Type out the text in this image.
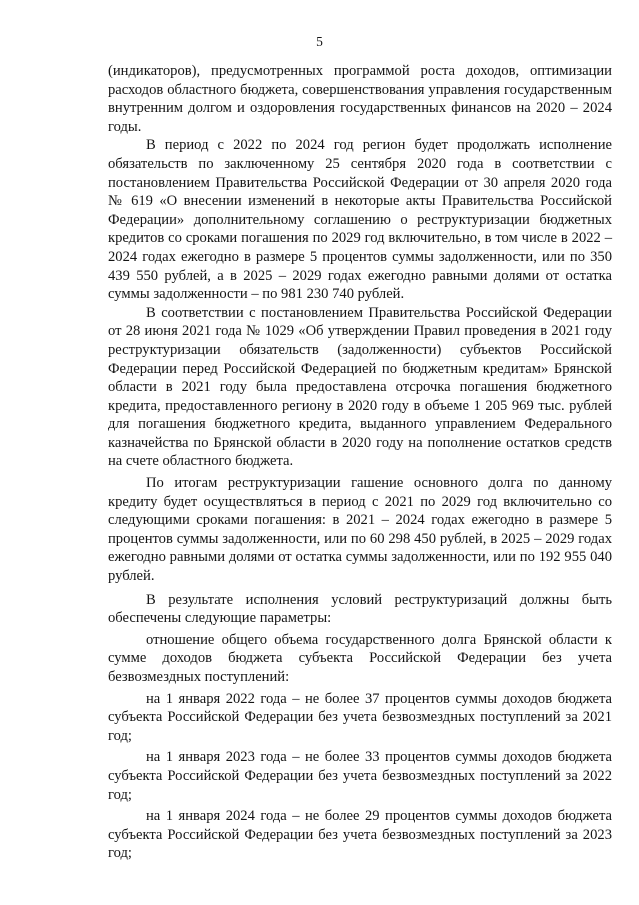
5

(индикаторов), предусмотренных программой роста доходов, оптимизации расходов областного бюджета, совершенствования управления государственным внутренним долгом и оздоровления государственных финансов на 2020 – 2024 годы.

В период с 2022 по 2024 год регион будет продолжать исполнение обязательств по заключенному 25 сентября 2020 года в соответствии с постановлением Правительства Российской Федерации от 30 апреля 2020 года № 619 «О внесении изменений в некоторые акты Правительства Российской Федерации» дополнительному соглашению о реструктуризации бюджетных кредитов со сроками погашения по 2029 год включительно, в том числе в 2022 – 2024 годах ежегодно в размере 5 процентов суммы задолженности, или по 350 439 550 рублей, а в 2025 – 2029 годах ежегодно равными долями от остатка суммы задолженности – по 981 230 740 рублей.

В соответствии с постановлением Правительства Российской Федерации от 28 июня 2021 года № 1029 «Об утверждении Правил проведения в 2021 году реструктуризации обязательств (задолженности) субъектов Российской Федерации перед Российской Федерацией по бюджетным кредитам» Брянской области в 2021 году была предоставлена отсрочка погашения бюджетного кредита, предоставленного региону в 2020 году в объеме 1 205 969 тыс. рублей для погашения бюджетного кредита, выданного управлением Федерального казначейства по Брянской области в 2020 году на пополнение остатков средств на счете областного бюджета.

По итогам реструктуризации гашение основного долга по данному кредиту будет осуществляться в период с 2021 по 2029 год включительно со следующими сроками погашения: в 2021 – 2024 годах ежегодно в размере 5 процентов суммы задолженности, или по 60 298 450 рублей, в 2025 – 2029 годах ежегодно равными долями от остатка суммы задолженности, или по 192 955 040 рублей.

В результате исполнения условий реструктуризаций должны быть обеспечены следующие параметры:

отношение общего объема государственного долга Брянской области к сумме доходов бюджета субъекта Российской Федерации без учета безвозмездных поступлений:

на 1 января 2022 года – не более 37 процентов суммы доходов бюджета субъекта Российской Федерации без учета безвозмездных поступлений за 2021 год;

на 1 января 2023 года – не более 33 процентов суммы доходов бюджета субъекта Российской Федерации без учета безвозмездных поступлений за 2022 год;

на 1 января 2024 года – не более 29 процентов суммы доходов бюджета субъекта Российской Федерации без учета безвозмездных поступлений за 2023 год;
